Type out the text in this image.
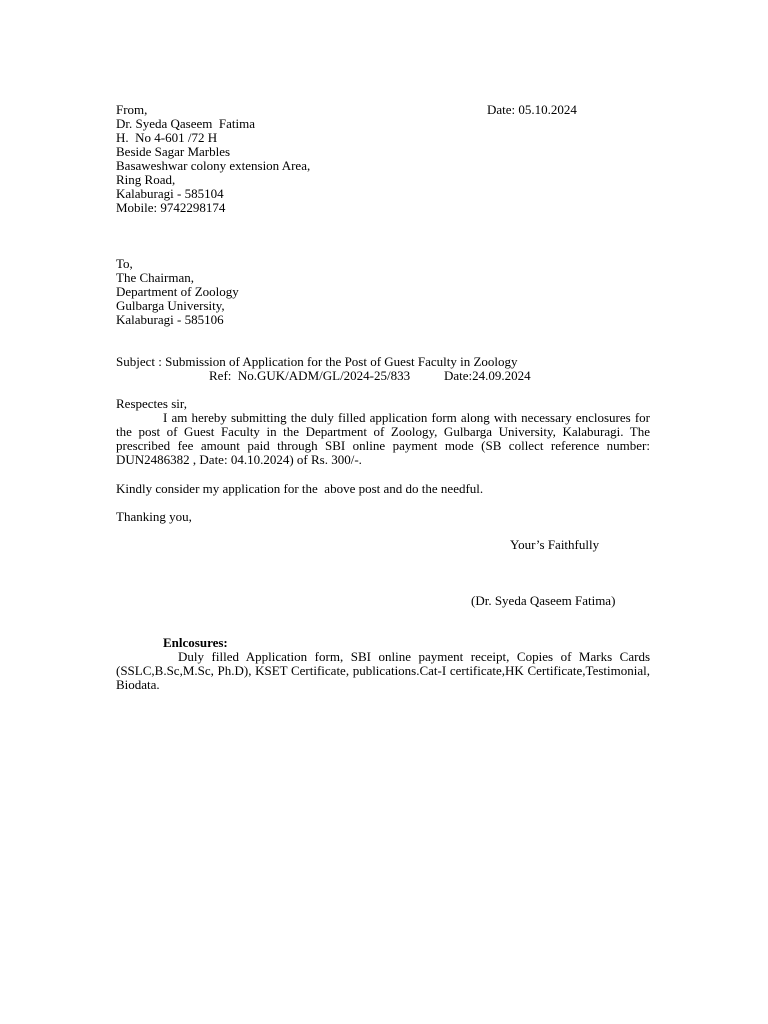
From,	Date: 05.10.2024
Dr. Syeda Qaseem  Fatima
H.  No 4-601 /72 H
Beside Sagar Marbles
Basaweshwar colony extension Area,
Ring Road,
Kalaburagi - 585104
Mobile: 9742298174
To,
The Chairman,
Department of Zoology
Gulbarga University,
Kalaburagi - 585106
Subject : Submission of Application for the Post of Guest Faculty in Zoology
Ref:  No.GUK/ADM/GL/2024-25/833	Date:24.09.2024
Respectes sir,
I am hereby submitting the duly filled application form along with necessary enclosures for the post of Guest Faculty in the Department of Zoology, Gulbarga University, Kalaburagi. The prescribed fee amount paid through SBI online payment mode (SB collect reference number: DUN2486382 , Date: 04.10.2024) of Rs. 300/-.
Kindly consider my application for the  above post and do the needful.
Thanking you,
Your’s Faithfully
(Dr. Syeda Qaseem Fatima)
Enlcosures:
Duly filled Application form, SBI online payment receipt, Copies of Marks Cards (SSLC,B.Sc,M.Sc, Ph.D), KSET Certificate, publications.Cat-I certificate,HK Certificate,Testimonial, Biodata.
